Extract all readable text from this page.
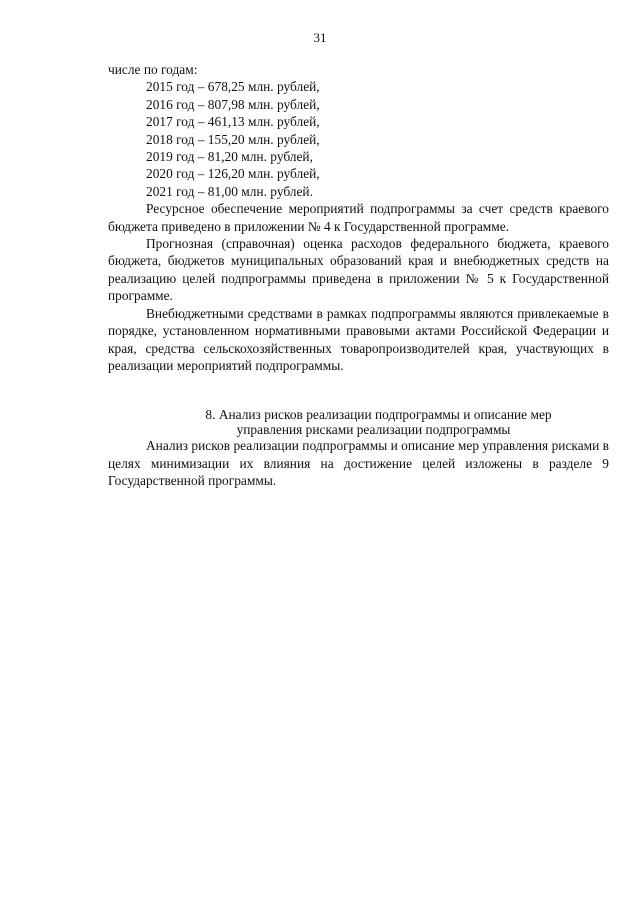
31

числе по годам:

2015 год – 678,25 млн. рублей,

2016 год – 807,98 млн. рублей,

2017 год – 461,13 млн. рублей,

2018 год – 155,20 млн. рублей,

2019 год – 81,20 млн. рублей,

2020 год – 126,20 млн. рублей,

2021 год – 81,00 млн. рублей.

Ресурсное обеспечение мероприятий подпрограммы за счет средств краевого бюджета приведено в приложении № 4 к Государственной программе.

Прогнозная (справочная) оценка расходов федерального бюджета, краевого бюджета, бюджетов муниципальных образований края и внебюджетных средств на реализацию целей подпрограммы приведена в приложении № 5 к Государственной программе.

Внебюджетными средствами в рамках подпрограммы являются привлекаемые в порядке, установленном нормативными правовыми актами Российской Федерации и края, средства сельскохозяйственных товаропроизводителей края, участвующих в реализации мероприятий подпрограммы.

8. Анализ рисков реализации подпрограммы и описание мер
управления рисками реализации подпрограммы

Анализ рисков реализации подпрограммы и описание мер управления рисками в целях минимизации их влияния на достижение целей изложены в разделе 9 Государственной программы.
